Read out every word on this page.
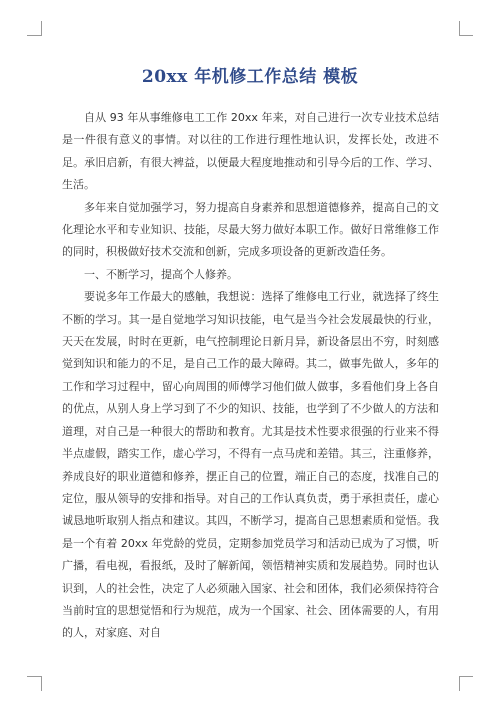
20xx 年机修工作总结 模板

自从 93 年从事维修电工工作 20xx 年来，对自己进行一次专业技术总结是一件很有意义的事情。对以往的工作进行理性地认识，发挥长处，改进不足。承旧启新，有很大裨益，以便最大程度地推动和引导今后的工作、学习、生活。

多年来自觉加强学习，努力提高自身素养和思想道德修养，提高自己的文化理论水平和专业知识、技能，尽最大努力做好本职工作。做好日常维修工作的同时，积极做好技术交流和创新，完成多项设备的更新改造任务。

一、不断学习，提高个人修养。

要说多年工作最大的感触，我想说：选择了维修电工行业，就选择了终生不断的学习。其一是自觉地学习知识技能，电气是当今社会发展最快的行业，天天在发展，时时在更新，电气控制理论日新月异，新设备层出不穷，时刻感觉到知识和能力的不足，是自己工作的最大障碍。其二，做事先做人，多年的工作和学习过程中，留心向周围的师傅学习他们做人做事，多看他们身上各自的优点，从别人身上学习到了不少的知识、技能，也学到了不少做人的方法和道理，对自己是一种很大的帮助和教育。尤其是技术性要求很强的行业来不得半点虚假，踏实工作，虚心学习，不得有一点马虎和差错。其三，注重修养，养成良好的职业道德和修养，摆正自己的位置，端正自己的态度，找准自己的定位，服从领导的安排和指导。对自己的工作认真负责，勇于承担责任，虚心诚恳地听取别人指点和建议。其四，不断学习，提高自己思想素质和觉悟。我是一个有着 20xx 年党龄的党员，定期参加党员学习和活动已成为了习惯，听广播，看电视，看报纸，及时了解新闻，领悟精神实质和发展趋势。同时也认识到，人的社会性，决定了人必须融入国家、社会和团体，我们必须保持符合当前时宜的思想觉悟和行为规范，成为一个国家、社会、团体需要的人，有用的人，对家庭、对自
